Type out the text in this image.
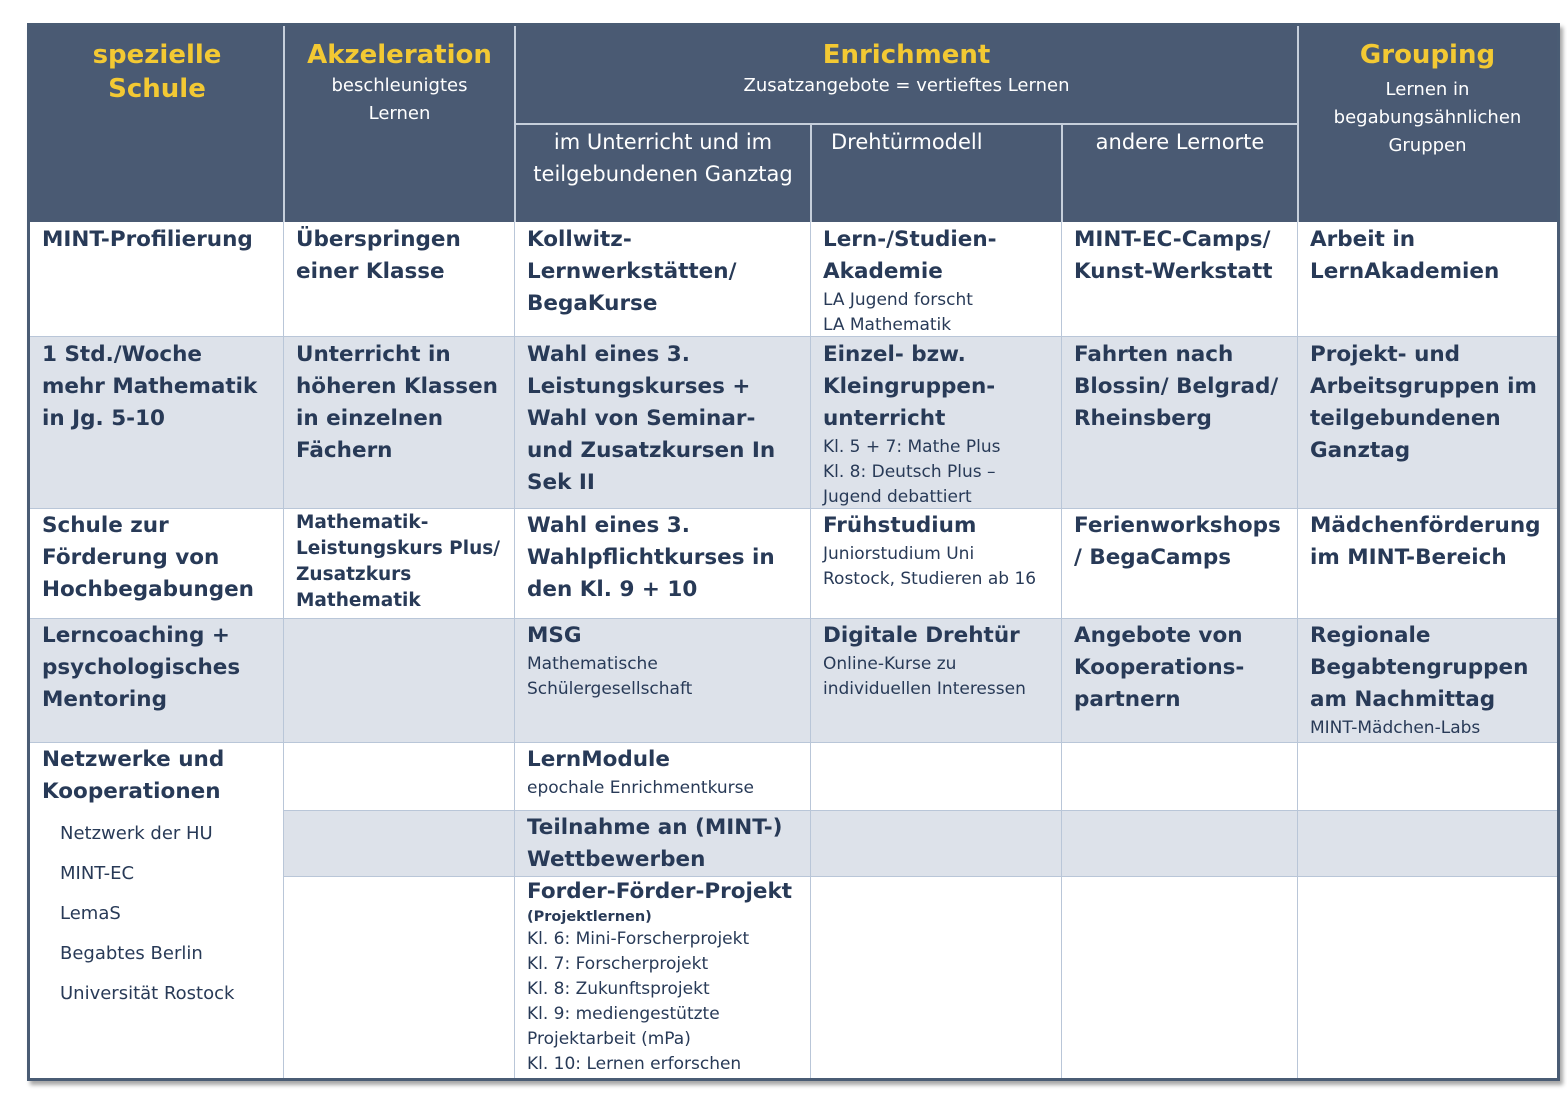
spezielle Schule
Akzeleration
beschleunigtes Lernen
Enrichment
Zusatzangebote = vertieftes Lernen
im Unterricht und im teilgebundenen Ganztag
Drehtürmodell	andere Lernorte
Grouping
Lernen in begabungsähnlichen Gruppen
MINT-Profilierung	Überspringen einer Klasse
Kollwitz-Lernwerkstätten/ BegaKurse
Lern-/Studien-Akademie
LA Jugend forscht
LA Mathematik
MINT-EC-Camps/ Kunst-Werkstatt
Arbeit in LernAkademien
1 Std./Woche mehr Mathematik in Jg. 5-10
Unterricht in höheren Klassen in einzelnen Fächern
Wahl eines 3. Leistungskurses + Wahl von Seminar- und Zusatzkursen In Sek II
Einzel- bzw. Kleingruppen-unterricht
Kl. 5 + 7: Mathe Plus
Kl. 8: Deutsch Plus – Jugend debattiert
Fahrten nach Blossin/ Belgrad/ Rheinsberg
Projekt- und Arbeitsgruppen im teilgebundenen Ganztag
Schule zur Förderung von Hochbegabungen
Mathematik-Leistungskurs Plus/ Zusatzkurs Mathematik
Wahl eines 3. Wahlpflichtkurses in den Kl. 9 + 10
Frühstudium
Juniorstudium Uni Rostock, Studieren ab 16
Ferienworkshops / BegaCamps
Mädchenförderung im MINT-Bereich
Lerncoaching + psychologisches Mentoring
MSG
Mathematische Schülergesellschaft
Digitale Drehtür
Online-Kurse zu individuellen Interessen
Angebote von Kooperations-partnern
Regionale Begabtengruppen am Nachmittag
MINT-Mädchen-Labs
Netzwerke und Kooperationen
Netzwerk der HU
MINT-EC
LemaS
Begabtes Berlin
Universität Rostock
LernModule
epochale Enrichmentkurse
Teilnahme an (MINT-) Wettbewerben
Forder-Förder-Projekt
(Projektlernen)
Kl. 6: Mini-Forscherprojekt
Kl. 7: Forscherprojekt
Kl. 8: Zukunftsprojekt
Kl. 9: mediengestützte Projektarbeit (mPa)
Kl. 10: Lernen erforschen
